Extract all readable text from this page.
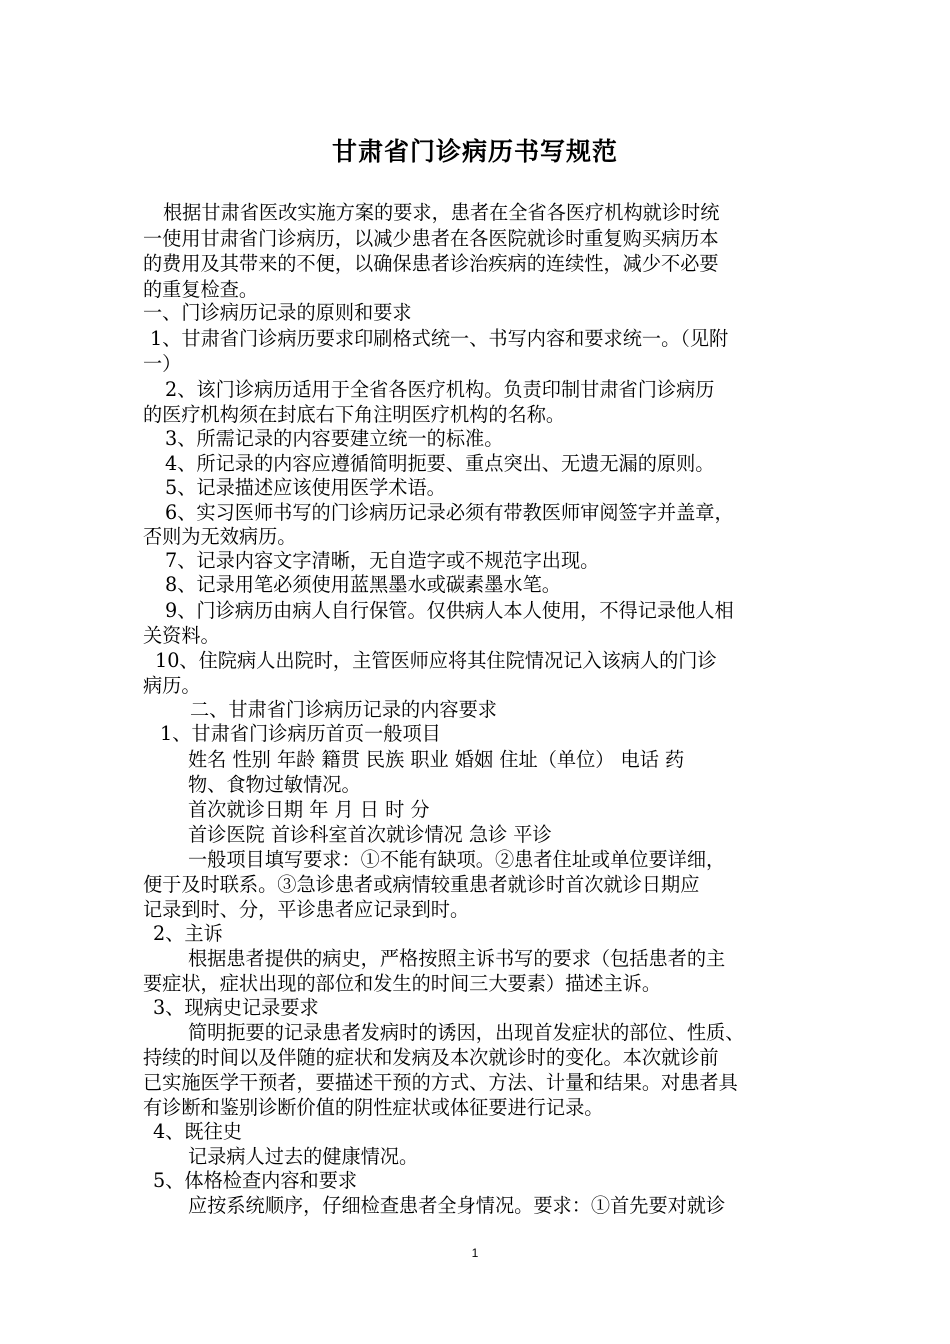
甘肃省门诊病历书写规范
根据甘肃省医改实施方案的要求，患者在全省各医疗机构就诊时统
一使用甘肃省门诊病历，以减少患者在各医院就诊时重复购买病历本
的费用及其带来的不便，以确保患者诊治疾病的连续性，减少不必要
的重复检查。
一、门诊病历记录的原则和要求
1、甘肃省门诊病历要求印刷格式统一、书写内容和要求统一。（见附
一）
2、该门诊病历适用于全省各医疗机构。负责印制甘肃省门诊病历
的医疗机构须在封底右下角注明医疗机构的名称。
3、所需记录的内容要建立统一的标准。
4、所记录的内容应遵循简明扼要、重点突出、无遗无漏的原则。
5、记录描述应该使用医学术语。
6、实习医师书写的门诊病历记录必须有带教医师审阅签字并盖章，
否则为无效病历。
7、记录内容文字清晰，无自造字或不规范字出现。
8、记录用笔必须使用蓝黑墨水或碳素墨水笔。
9、门诊病历由病人自行保管。仅供病人本人使用，不得记录他人相
关资料。
10、住院病人出院时，主管医师应将其住院情况记入该病人的门诊
病历。
二、甘肃省门诊病历记录的内容要求
1、甘肃省门诊病历首页一般项目
姓名 性别 年龄 籍贯 民族 职业 婚姻 住址（单位） 电话 药
物、食物过敏情况。
首次就诊日期 年 月 日 时 分
首诊医院 首诊科室首次就诊情况 急诊 平诊
一般项目填写要求：①不能有缺项。②患者住址或单位要详细，
便于及时联系。③急诊患者或病情较重患者就诊时首次就诊日期应
记录到时、分，平诊患者应记录到时。
2、主诉
根据患者提供的病史，严格按照主诉书写的要求（包括患者的主
要症状，症状出现的部位和发生的时间三大要素）描述主诉。
3、现病史记录要求
简明扼要的记录患者发病时的诱因，出现首发症状的部位、性质、
持续的时间以及伴随的症状和发病及本次就诊时的变化。本次就诊前
已实施医学干预者，要描述干预的方式、方法、计量和结果。对患者具
有诊断和鉴别诊断价值的阴性症状或体征要进行记录。
4、既往史
记录病人过去的健康情况。
5、体格检查内容和要求
应按系统顺序，仔细检查患者全身情况。要求：①首先要对就诊
1
